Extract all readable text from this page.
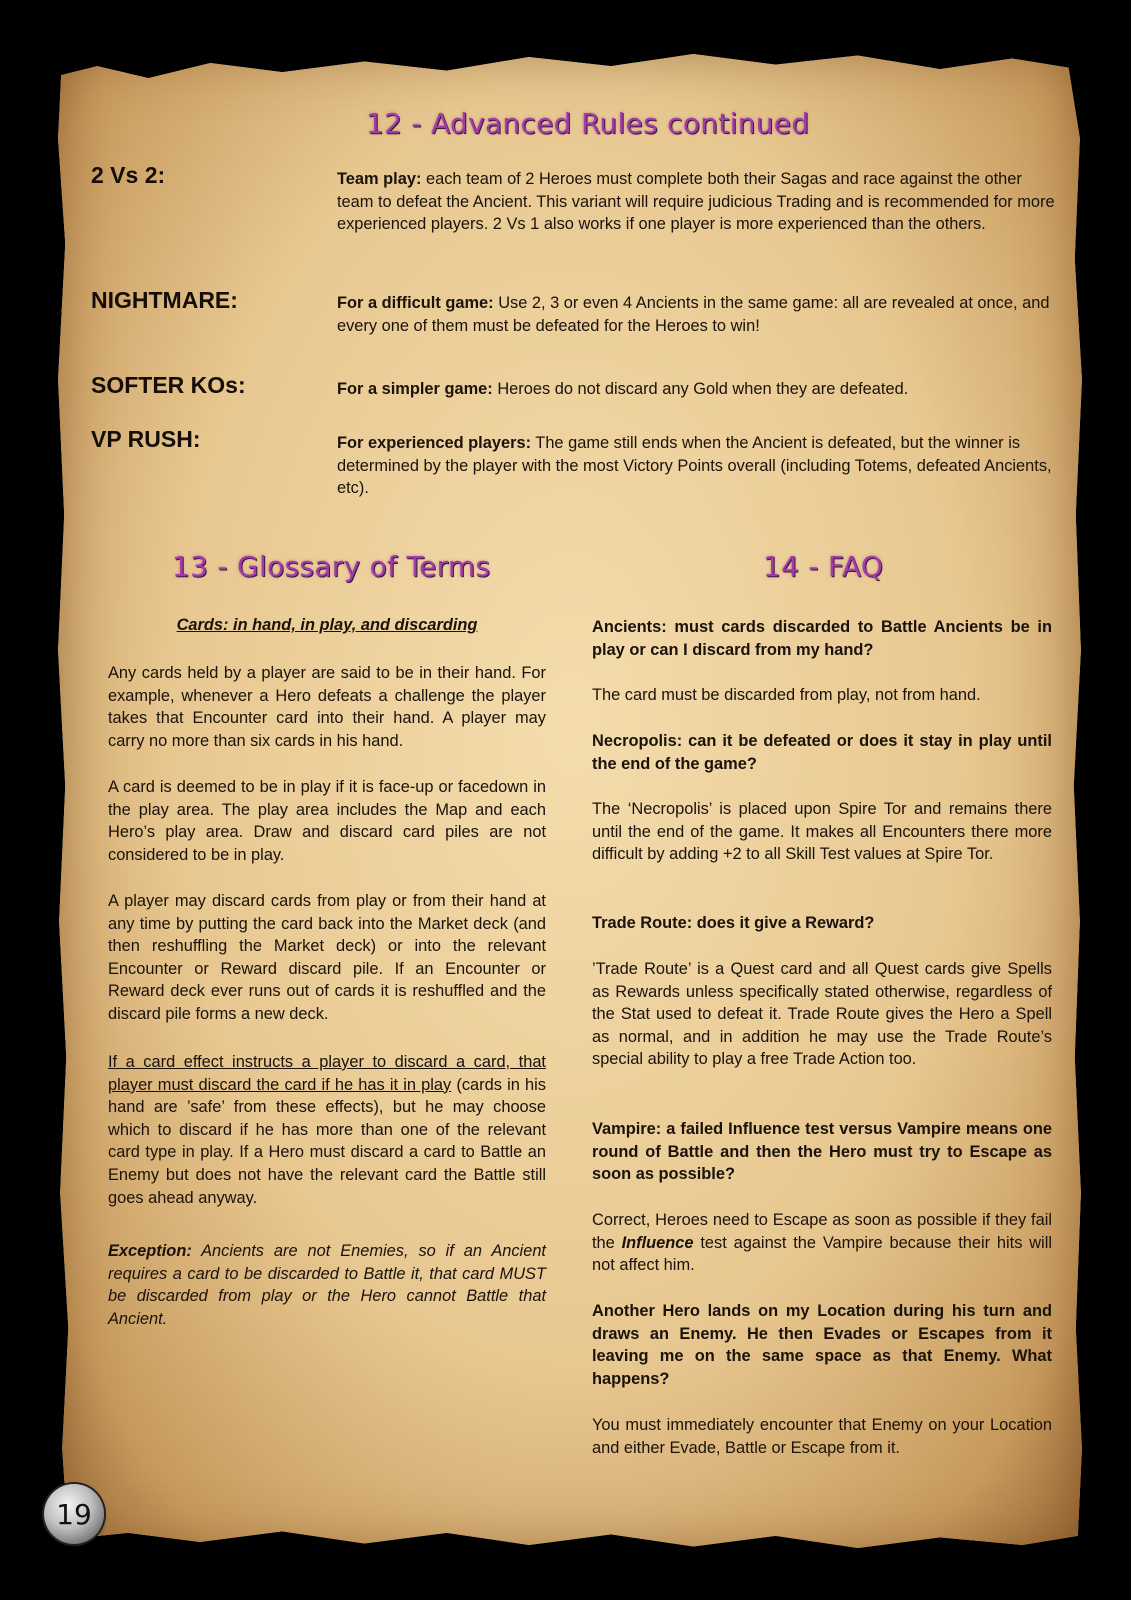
12 - Advanced Rules continued
2 Vs 2:	Team play: each team of 2 Heroes must complete both their Sagas and race against the other team to defeat the Ancient. This variant will require judicious Trading and is recommended for more experienced players. 2 Vs 1 also works if one player is more experienced than the others.

NIGHTMARE:	For a difficult game: Use 2, 3 or even 4 Ancients in the same game: all are revealed at once, and every one of them must be defeated for the Heroes to win!

SOFTER KOs:	For a simpler game: Heroes do not discard any Gold when they are defeated.

VP RUSH:	For experienced players: The game still ends when the Ancient is defeated, but the winner is determined by the player with the most Victory Points overall (including Totems, defeated Ancients, etc).

13 - Glossary of Terms

Cards: in hand, in play, and discarding

Any cards held by a player are said to be in their hand. For example, whenever a Hero defeats a challenge the player takes that Encounter card into their hand. A player may carry no more than six cards in his hand.

A card is deemed to be in play if it is face-up or facedown in the play area. The play area includes the Map and each Hero’s play area. Draw and discard card piles are not considered to be in play.

A player may discard cards from play or from their hand at any time by putting the card back into the Market deck (and then reshuffling the Market deck) or into the relevant Encounter or Reward discard pile. If an Encounter or Reward deck ever runs out of cards it is reshuffled and the discard pile forms a new deck.

If a card effect instructs a player to discard a card, that player must discard the card if he has it in play (cards in his hand are ’safe’ from these effects), but he may choose which to discard if he has more than one of the relevant card type in play. If a Hero must discard a card to Battle an Enemy but does not have the relevant card the Battle still goes ahead anyway.

Exception: Ancients are not Enemies, so if an Ancient requires a card to be discarded to Battle it, that card MUST be discarded from play or the Hero cannot Battle that Ancient.

14 - FAQ

Ancients: must cards discarded to Battle Ancients be in play or can I discard from my hand?

The card must be discarded from play, not from hand.

Necropolis: can it be defeated or does it stay in play until the end of the game?

The ‘Necropolis’ is placed upon Spire Tor and remains there until the end of the game. It makes all Encounters there more difficult by adding +2 to all Skill Test values at Spire Tor.

Trade Route: does it give a Reward?

’Trade Route’ is a Quest card and all Quest cards give Spells as Rewards unless specifically stated otherwise, regardless of the Stat used to defeat it. Trade Route gives the Hero a Spell as normal, and in addition he may use the Trade Route’s special ability to play a free Trade Action too.

Vampire: a failed Influence test versus Vampire means one round of Battle and then the Hero must try to Escape as soon as possible?

Correct, Heroes need to Escape as soon as possible if they fail the Influence test against the Vampire because their hits will not affect him.

Another Hero lands on my Location during his turn and draws an Enemy. He then Evades or Escapes from it leaving me on the same space as that Enemy. What happens?

You must immediately encounter that Enemy on your Location and either Evade, Battle or Escape from it.

19
